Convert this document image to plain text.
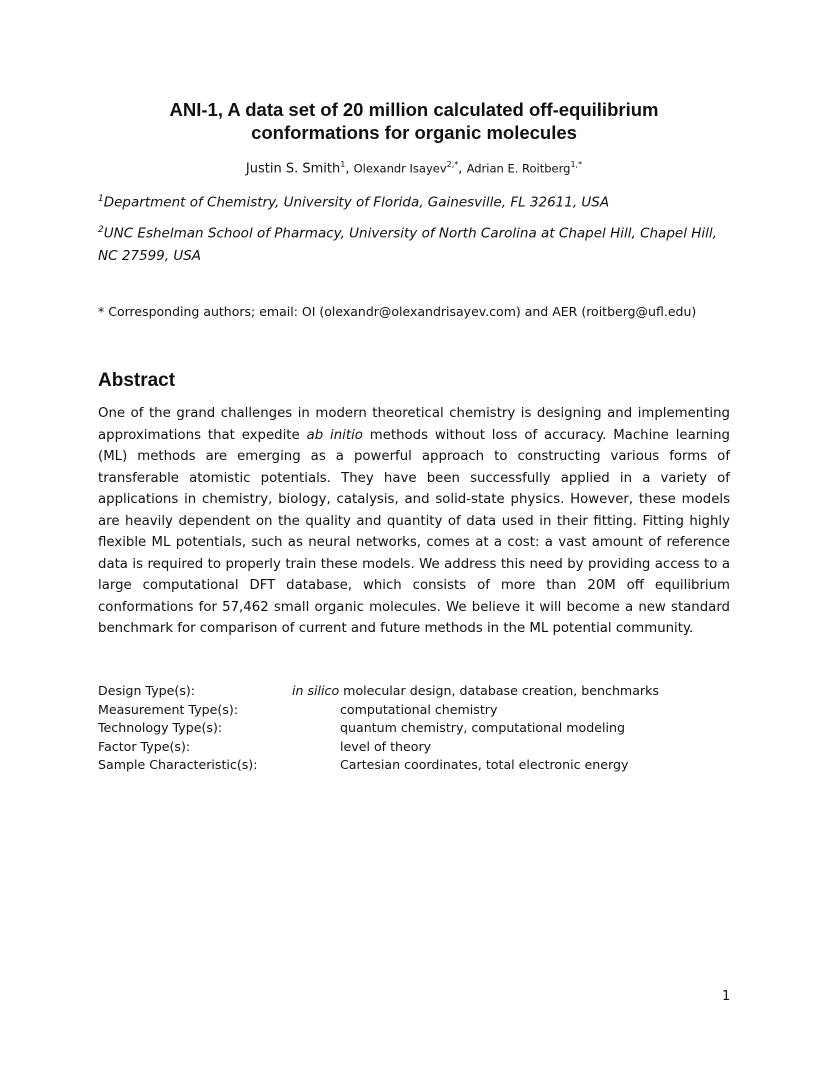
ANI-1, A data set of 20 million calculated off-equilibrium
conformations for organic molecules
Justin S. Smith$^1$, Olexandr Isayev$^{2,*}$, Adrian E. Roitberg$^{1,*}$
$^1$Department of Chemistry, University of Florida, Gainesville, FL 32611, USA
$^2$UNC Eshelman School of Pharmacy, University of North Carolina at Chapel Hill, Chapel Hill, NC 27599, USA
* Corresponding authors; email: OI (olexandr@olexandrisayev.com) and AER (roitberg@ufl.edu)
Abstract

One of the grand challenges in modern theoretical chemistry is designing and implementing approximations that expedite ab initio methods without loss of accuracy. Machine learning (ML) methods are emerging as a powerful approach to constructing various forms of transferable atomistic potentials. They have been successfully applied in a variety of applications in chemistry, biology, catalysis, and solid-state physics. However, these models are heavily dependent on the quality and quantity of data used in their fitting. Fitting highly flexible ML potentials, such as neural networks, comes at a cost: a vast amount of reference data is required to properly train these models. We address this need by providing access to a large computational DFT database, which consists of more than 20M off equilibrium conformations for 57,462 small organic molecules. We believe it will become a new standard benchmark for comparison of current and future methods in the ML potential community.

Design Type(s):	in silico molecular design, database creation, benchmarks
Measurement Type(s):	computational chemistry
Technology Type(s):	quantum chemistry, computational modeling
Factor Type(s):	level of theory
Sample Characteristic(s):	Cartesian coordinates, total electronic energy
1
